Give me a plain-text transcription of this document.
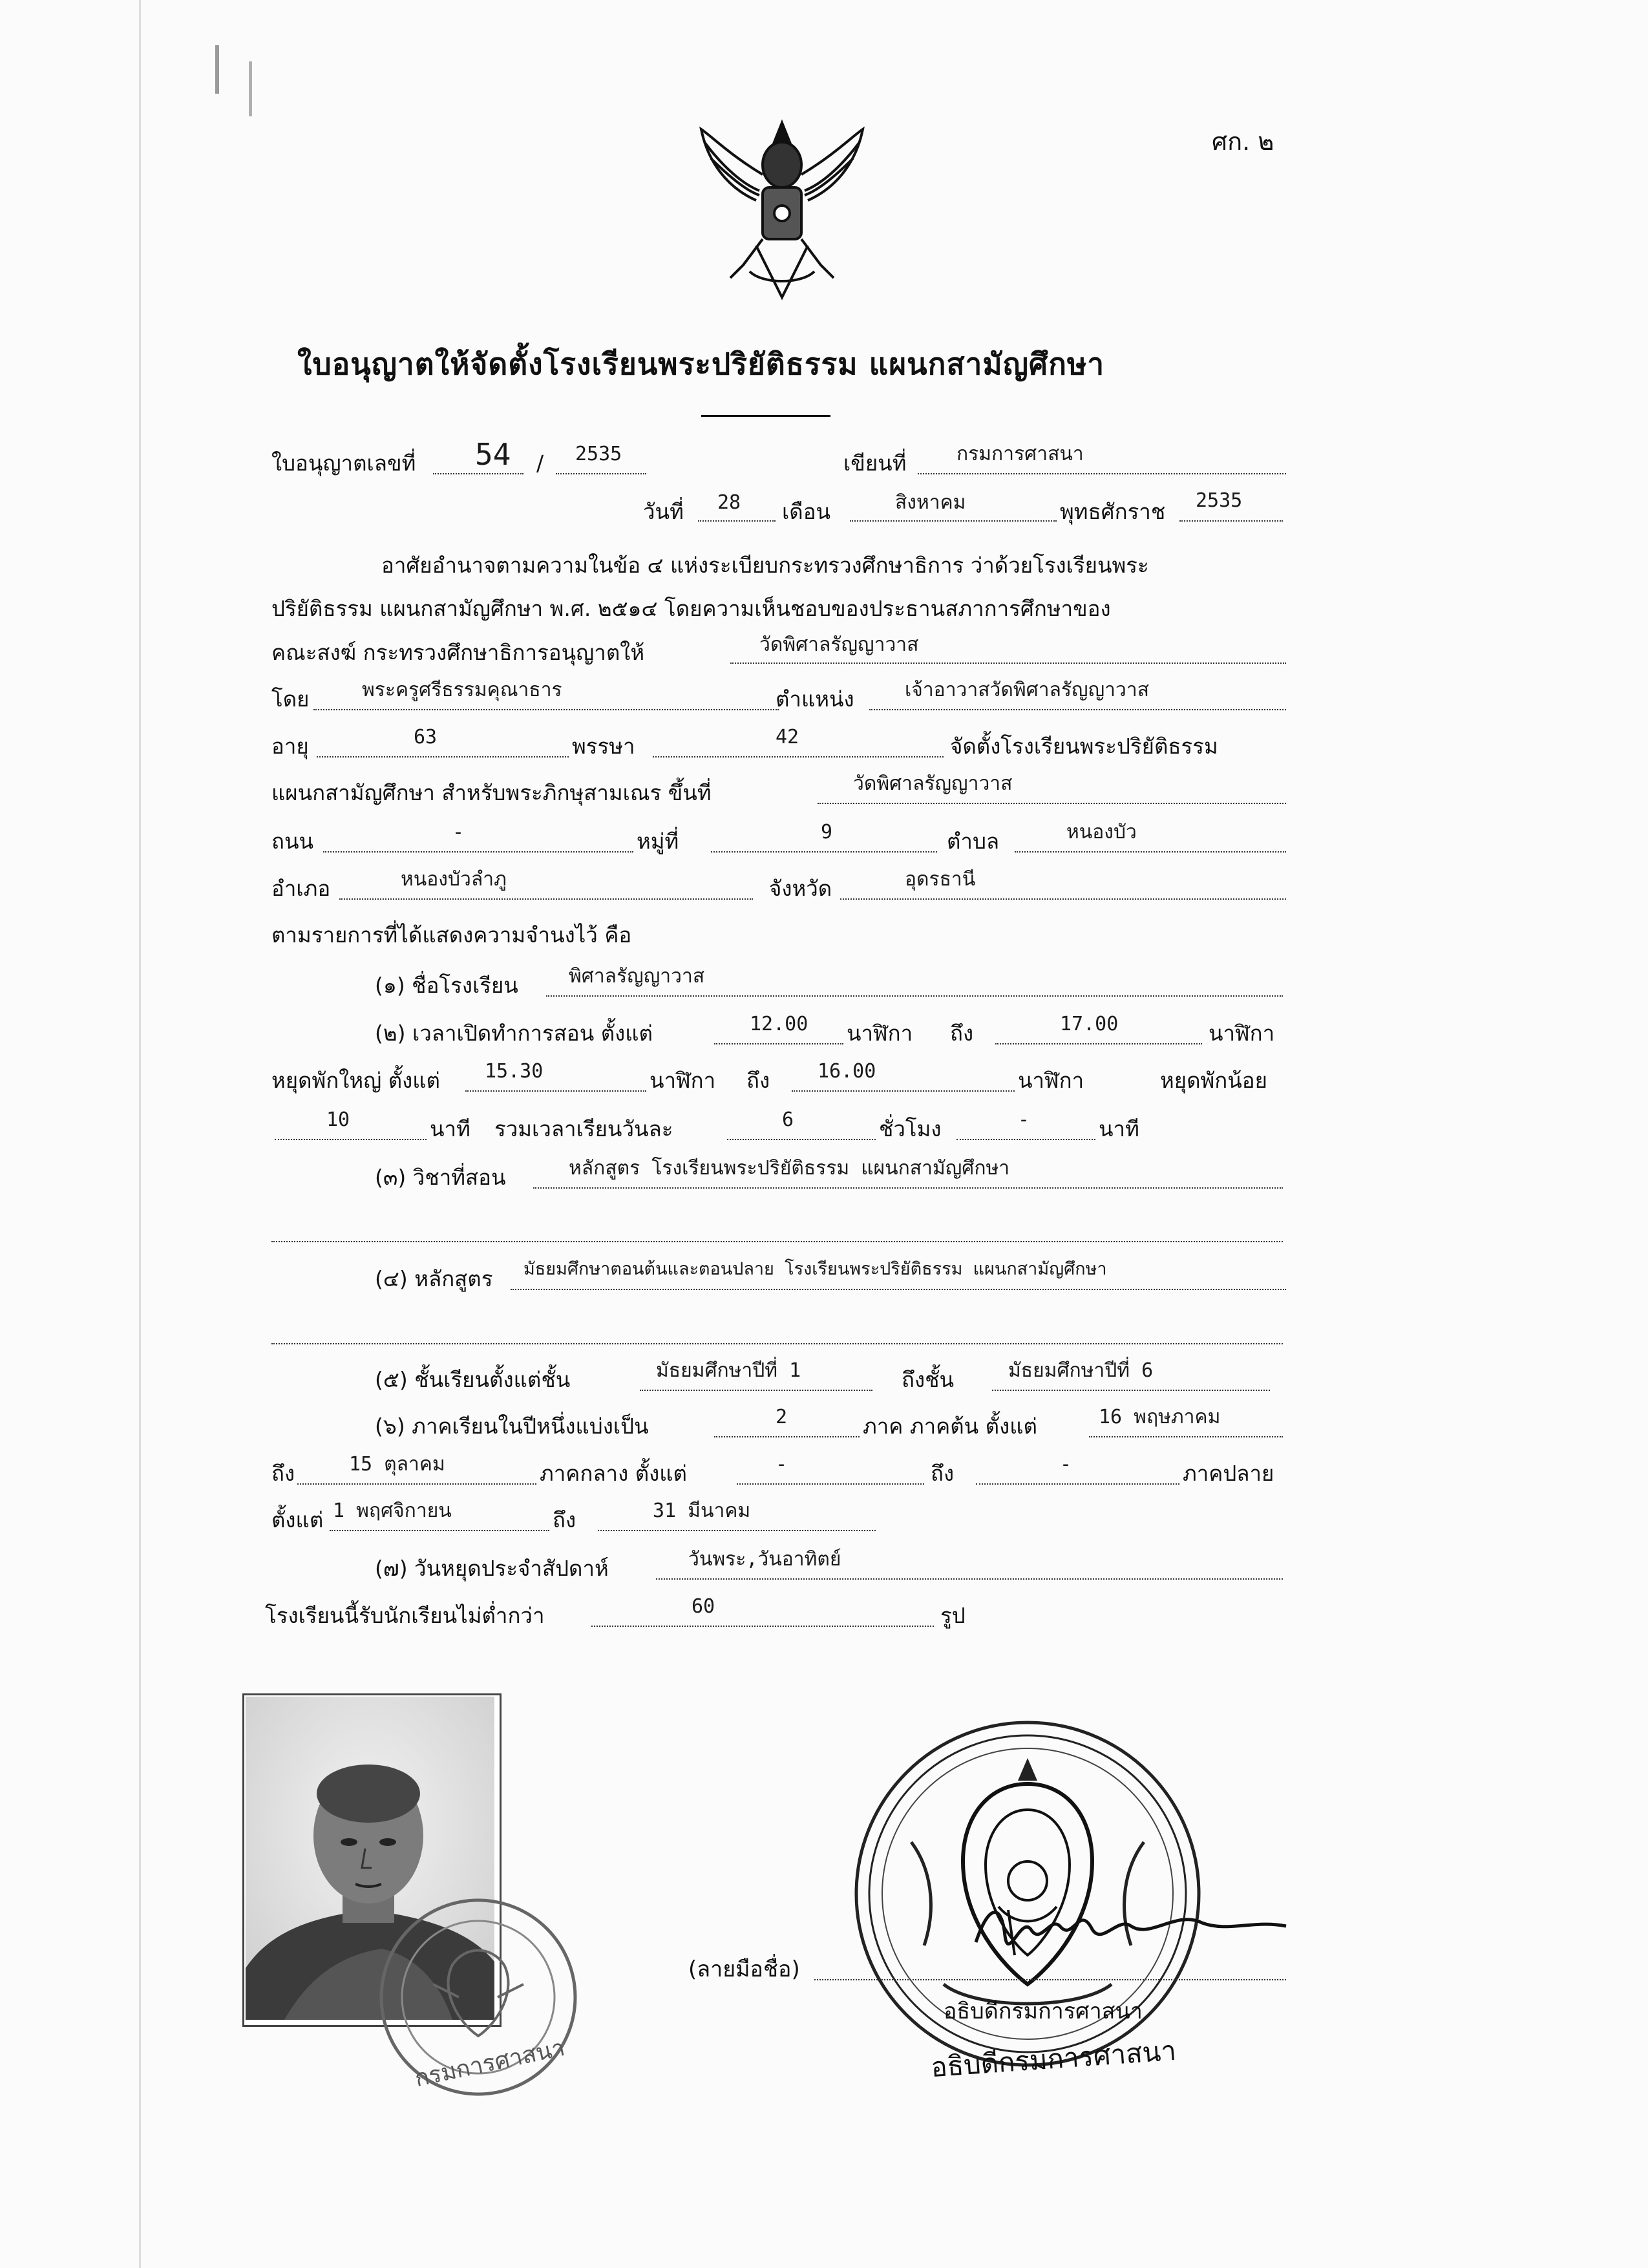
ศก. ๒
ใบอนุญาตให้จัดตั้งโรงเรียนพระปริยัติธรรม แผนกสามัญศึกษา
ใบอนุญาตเลขที่ 54 / 2535	เขียนที่	กรมการศาสนา
วันที่ 28 เดือน	สิงหาคม	พุทธศักราช 2535
อาศัยอำนาจตามความในข้อ ๔ แห่งระเบียบกระทรวงศึกษาธิการ ว่าด้วยโรงเรียนพระ
ปริยัติธรรม แผนกสามัญศึกษา พ.ศ. ๒๕๑๔ โดยความเห็นชอบของประธานสภาการศึกษาของ
คณะสงฆ์ กระทรวงศึกษาธิการอนุญาตให้	วัดพิศาลรัญญาวาส
โดย	พระครูศรีธรรมคุณาธาร	ตำแหน่ง	เจ้าอาวาสวัดพิศาลรัญญาวาส
อายุ	63	พรรษา	42	จัดตั้งโรงเรียนพระปริยัติธรรม
แผนกสามัญศึกษา สำหรับพระภิกษุสามเณร ขึ้นที่	วัดพิศาลรัญญาวาส
ถนน	-	หมู่ที่	9	ตำบล	หนองบัว
อำเภอ	หนองบัวลำภู	จังหวัด	อุดรธานี
ตามรายการที่ได้แสดงความจำนงไว้ คือ
(๑) ชื่อโรงเรียน	พิศาลรัญญาวาส
(๒) เวลาเปิดทำการสอน ตั้งแต่	12.00 นาฬิกา ถึง	17.00	นาฬิกา
หยุดพักใหญ่ ตั้งแต่ 15.30	นาฬิกา ถึง 16.00	นาฬิกา	หยุดพักน้อย
10	นาที รวมเวลาเรียนวันละ	6	ชั่วโมง	-	นาที
(๓) วิชาที่สอน	หลักสูตร โรงเรียนพระปริยัติธรรม แผนกสามัญศึกษา
(๔) หลักสูตร มัธยมศึกษาตอนต้นและตอนปลาย โรงเรียนพระปริยัติธรรม แผนกสามัญศึกษา
(๕) ชั้นเรียนตั้งแต่ชั้น	มัธยมศึกษาปีที่ 1	ถึงชั้น	มัธยมศึกษาปีที่ 6
(๖) ภาคเรียนในปีหนึ่งแบ่งเป็น	2	ภาค ภาคต้น ตั้งแต่	16 พฤษภาคม
ถึง	15 ตุลาคม	ภาคกลาง ตั้งแต่	-	ถึง	-	ภาคปลาย
ตั้งแต่ 1 พฤศจิกายน	ถึง	31 มีนาคม
(๗) วันหยุดประจำสัปดาห์	วันพระ,วันอาทิตย์
โรงเรียนนี้รับนักเรียนไม่ต่ำกว่า	60	รูป
กรมการศาสนา
(ลายมือชื่อ)
อธิบดีกรมการศาสนา
อธิบดีกรมการศาสนา
